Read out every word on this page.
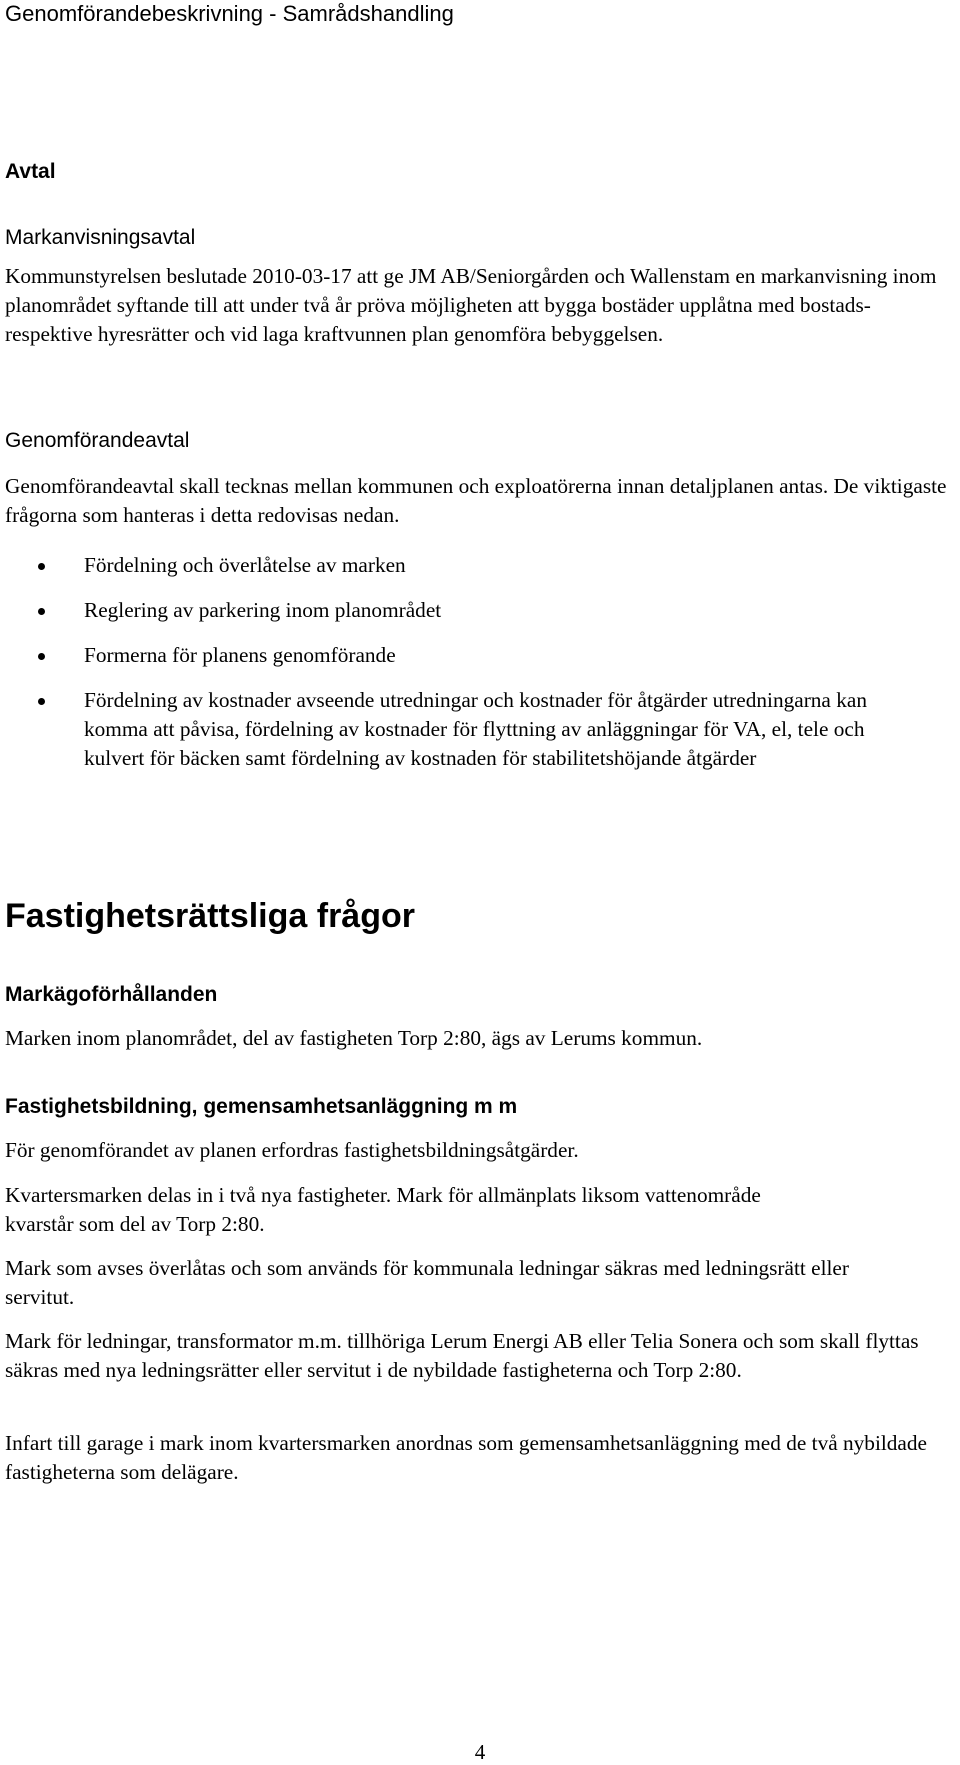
Genomförandebeskrivning - Samrådshandling
Avtal
Markanvisningsavtal

Kommunstyrelsen beslutade 2010-03-17 att ge JM AB/Seniorgården och Wallenstam en markanvisning inom planområdet syftande till att under två år pröva möjligheten att bygga bostäder upplåtna med bostads- respektive hyresrätter och vid laga kraftvunnen plan genomföra bebyggelsen.

Genomförandeavtal

Genomförandeavtal skall tecknas mellan kommunen och exploatörerna innan detaljplanen antas. De viktigaste frågorna som hanteras i detta redovisas nedan.

Fördelning och överlåtelse av marken
Reglering av parkering inom planområdet
Formerna för planens genomförande
Fördelning av kostnader avseende utredningar och kostnader för åtgärder utredningarna kan komma att påvisa, fördelning av kostnader för flyttning av anläggningar för VA, el, tele och kulvert för bäcken samt fördelning av kostnaden för stabilitetshöjande åtgärder
Fastighetsrättsliga frågor
Markägoförhållanden

Marken inom planområdet, del av fastigheten Torp 2:80, ägs av Lerums kommun.

Fastighetsbildning, gemensamhetsanläggning m m

För genomförandet av planen erfordras fastighetsbildningsåtgärder.

Kvartersmarken delas in i två nya fastigheter. Mark för allmänplats liksom vattenområde kvarstår som del av Torp 2:80.

Mark som avses överlåtas och som används för kommunala ledningar säkras med ledningsrätt eller servitut.

Mark för ledningar, transformator m.m. tillhöriga Lerum Energi AB eller Telia Sonera och som skall flyttas säkras med nya ledningsrätter eller servitut i de nybildade fastigheterna och Torp 2:80.

Infart till garage i mark inom kvartersmarken anordnas som gemensamhetsanläggning med de två nybildade fastigheterna som delägare.

4
